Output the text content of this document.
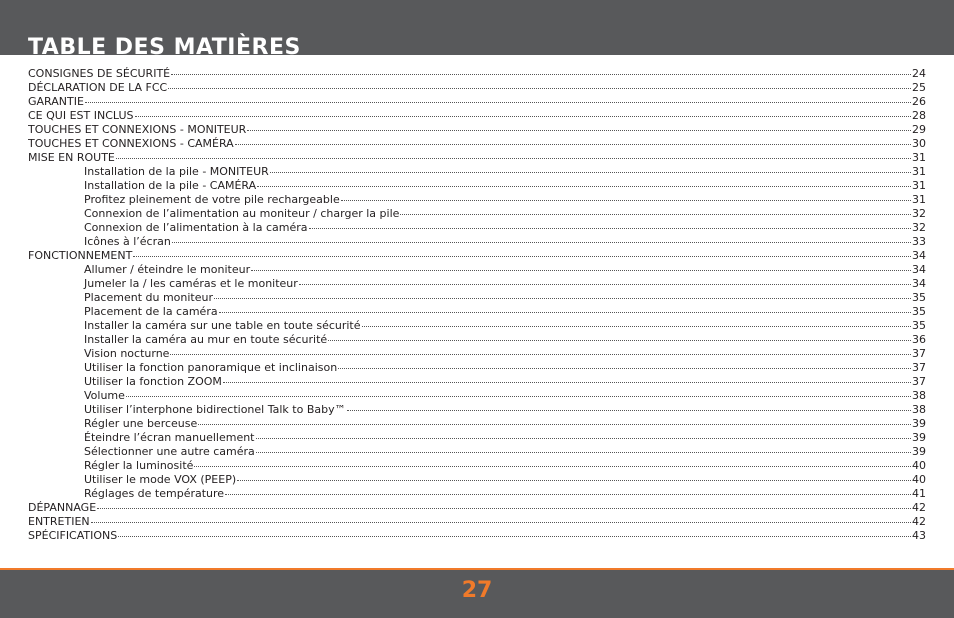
TABLE DES MATIÈRES
CONSIGNES DE SÉCURITÉ	24
DÉCLARATION DE LA FCC	25
GARANTIE	26
CE QUI EST INCLUS	28
TOUCHES ET CONNEXIONS - MONITEUR	29
TOUCHES ET CONNEXIONS - CAMÉRA	30
MISE EN ROUTE	31
Installation de la pile - MONITEUR	31
Installation de la pile - CAMÉRA	31
Profitez pleinement de votre pile rechargeable	31
Connexion de l’alimentation au moniteur / charger la pile	32
Connexion de l’alimentation à la caméra	32
Icônes à l’écran	33
FONCTIONNEMENT	34
Allumer / éteindre le moniteur	34
Jumeler la / les caméras et le moniteur	34
Placement du moniteur	35
Placement de la caméra	35
Installer la caméra sur une table en toute sécurité	35
Installer la caméra au mur en toute sécurité	36
Vision nocturne	37
Utiliser la fonction panoramique et inclinaison	37
Utiliser la fonction ZOOM	37
Volume	38
Utiliser l’interphone bidirectionel Talk to Baby™	38
Régler une berceuse	39
Éteindre l’écran manuellement	39
Sélectionner une autre caméra	39
Régler la luminosité	40
Utiliser le mode VOX (PEEP)	40
Réglages de température	41
DÉPANNAGE	42
ENTRETIEN	42
SPÉCIFICATIONS	43
27
